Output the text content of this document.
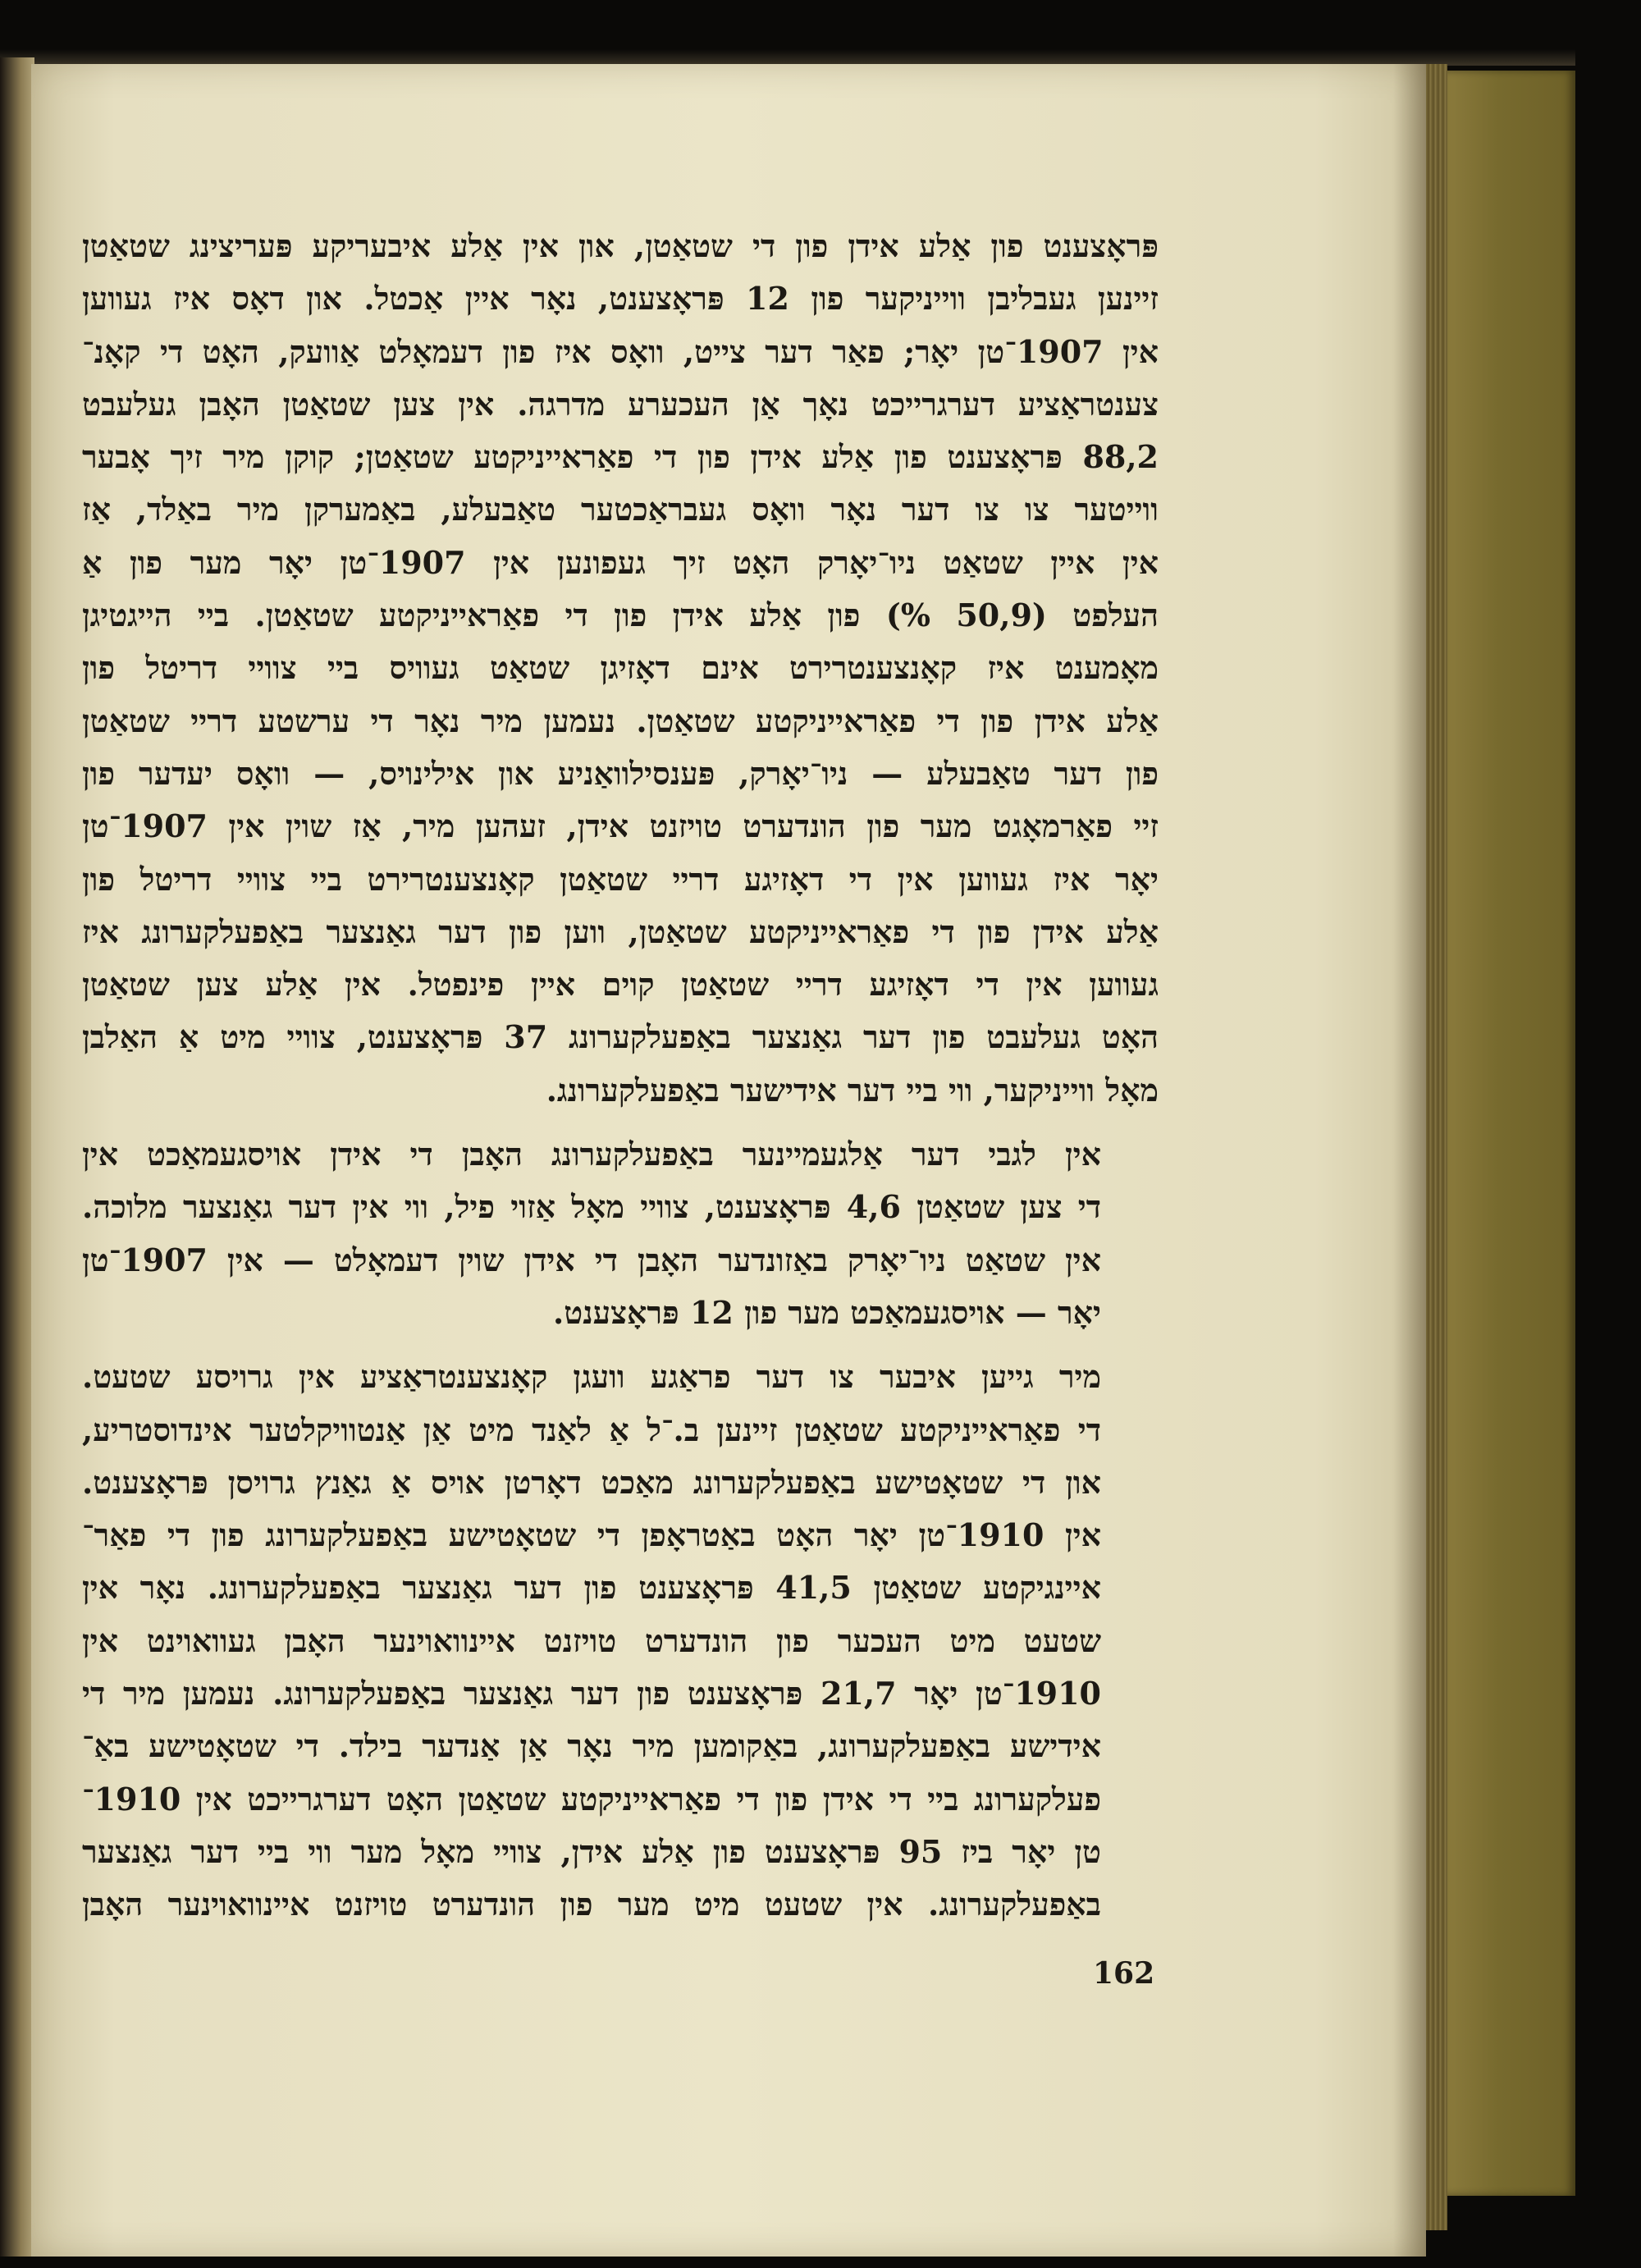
פּראָצענט פון אַלע אידן פון די שטאַטן, און אין אַלע איבעריקע פּעריצינג שטאַטן
זיינען געבליבן ווייניקער פון 12 פּראָצענט, נאָר איין אַכטל. און דאָס איז געווען
אין 1907־טן יאָר; פאַר דער צייט, וואָס איז פון דעמאָלט אַוועק, האָט די קאָנ־
צענטראַציע דערגרייכט נאָך אַן העכערע מדרגה. אין צען שטאַטן האָבן געלעבט
88,2 פּראָצענט פון אַלע אידן פון די פאַראייניקטע שטאַטן; קוקן מיר זיך אָבער
ווייטער צו צו דער נאָר וואָס געבראַכטער טאַבעלע, באַמערקן מיר באַלד, אַז
אין איין שטאַט ניו־יאָרק האָט זיך געפונען אין 1907־טן יאָר מער פון אַ
העלפט (50,9 %) פון אַלע אידן פון די פאַראייניקטע שטאַטן. ביי הייגטיגן
מאָמענט איז קאָנצענטרירט אינם דאָזיגן שטאַט געוויס ביי צוויי דריטל פון
אַלע אידן פון די פאַראייניקטע שטאַטן. נעמען מיר נאָר די ערשטע דריי שטאַטן
פון דער טאַבעלע — ניו־יאָרק, פּענסילוואַניע און אילינויס, — וואָס יעדער פון
זיי פאַרמאָגט מער פון הונדערט טויזנט אידן, זעהען מיר, אַז שוין אין 1907־טן
יאָר איז געווען אין די דאָזיגע דריי שטאַטן קאָנצענטרירט ביי צוויי דריטל פון
אַלע אידן פון די פאַראייניקטע שטאַטן, ווען פון דער גאַנצער באַפעלקערונג איז
געווען אין די דאָזיגע דריי שטאַטן קוים איין פינפטל. אין אַלע צען שטאַטן
האָט געלעבט פון דער גאַנצער באַפעלקערונג 37 פּראָצענט, צוויי מיט אַ האַלבן
מאָל ווייניקער, ווי ביי דער אידישער באַפעלקערונג.

אין לגבי דער אַלגעמיינער באַפעלקערונג האָבן די אידן אויסגעמאַכט אין
די צען שטאַטן 4,6 פּראָצענט, צוויי מאָל אַזוי פיל, ווי אין דער גאַנצער מלוכה.
אין שטאַט ניו־יאָרק באַזונדער האָבן די אידן שוין דעמאָלט — אין 1907־טן
יאָר — אויסגעמאַכט מער פון 12 פּראָצענט.

מיר גייען איבער צו דער פראַגע וועגן קאָנצענטראַציע אין גרויסע שטעט.
די פאַראייניקטע שטאַטן זיינען ב.־ל אַ לאַנד מיט אַן אַנטוויקלטער אינדוסטריע,
און די שטאָטישע באַפעלקערונג מאַכט דאָרטן אויס אַ גאַנץ גרויסן פּראָצענט.
אין 1910־טן יאָר האָט באַטראָפן די שטאָטישע באַפעלקערונג פון די פאַר־
איינגיקטע שטאַטן 41,5 פּראָצענט פון דער גאַנצער באַפעלקערונג. נאָר אין
שטעט מיט העכער פון הונדערט טויזנט איינוואוינער האָבן געוואוינט אין
1910־טן יאָר 21,7 פּראָצענט פון דער גאַנצער באַפעלקערונג. נעמען מיר די
אידישע באַפעלקערונג, באַקומען מיר נאָר אַן אַנדער בילד. די שטאָטישע באַ־
פעלקערונג ביי די אידן פון די פאַראייניקטע שטאַטן האָט דערגרייכט אין 1910־
טן יאָר ביז 95 פּראָצענט פון אַלע אידן, צוויי מאָל מער ווי ביי דער גאַנצער
באַפעלקערונג. אין שטעט מיט מער פון הונדערט טויזנט איינוואוינער האָבן

162
